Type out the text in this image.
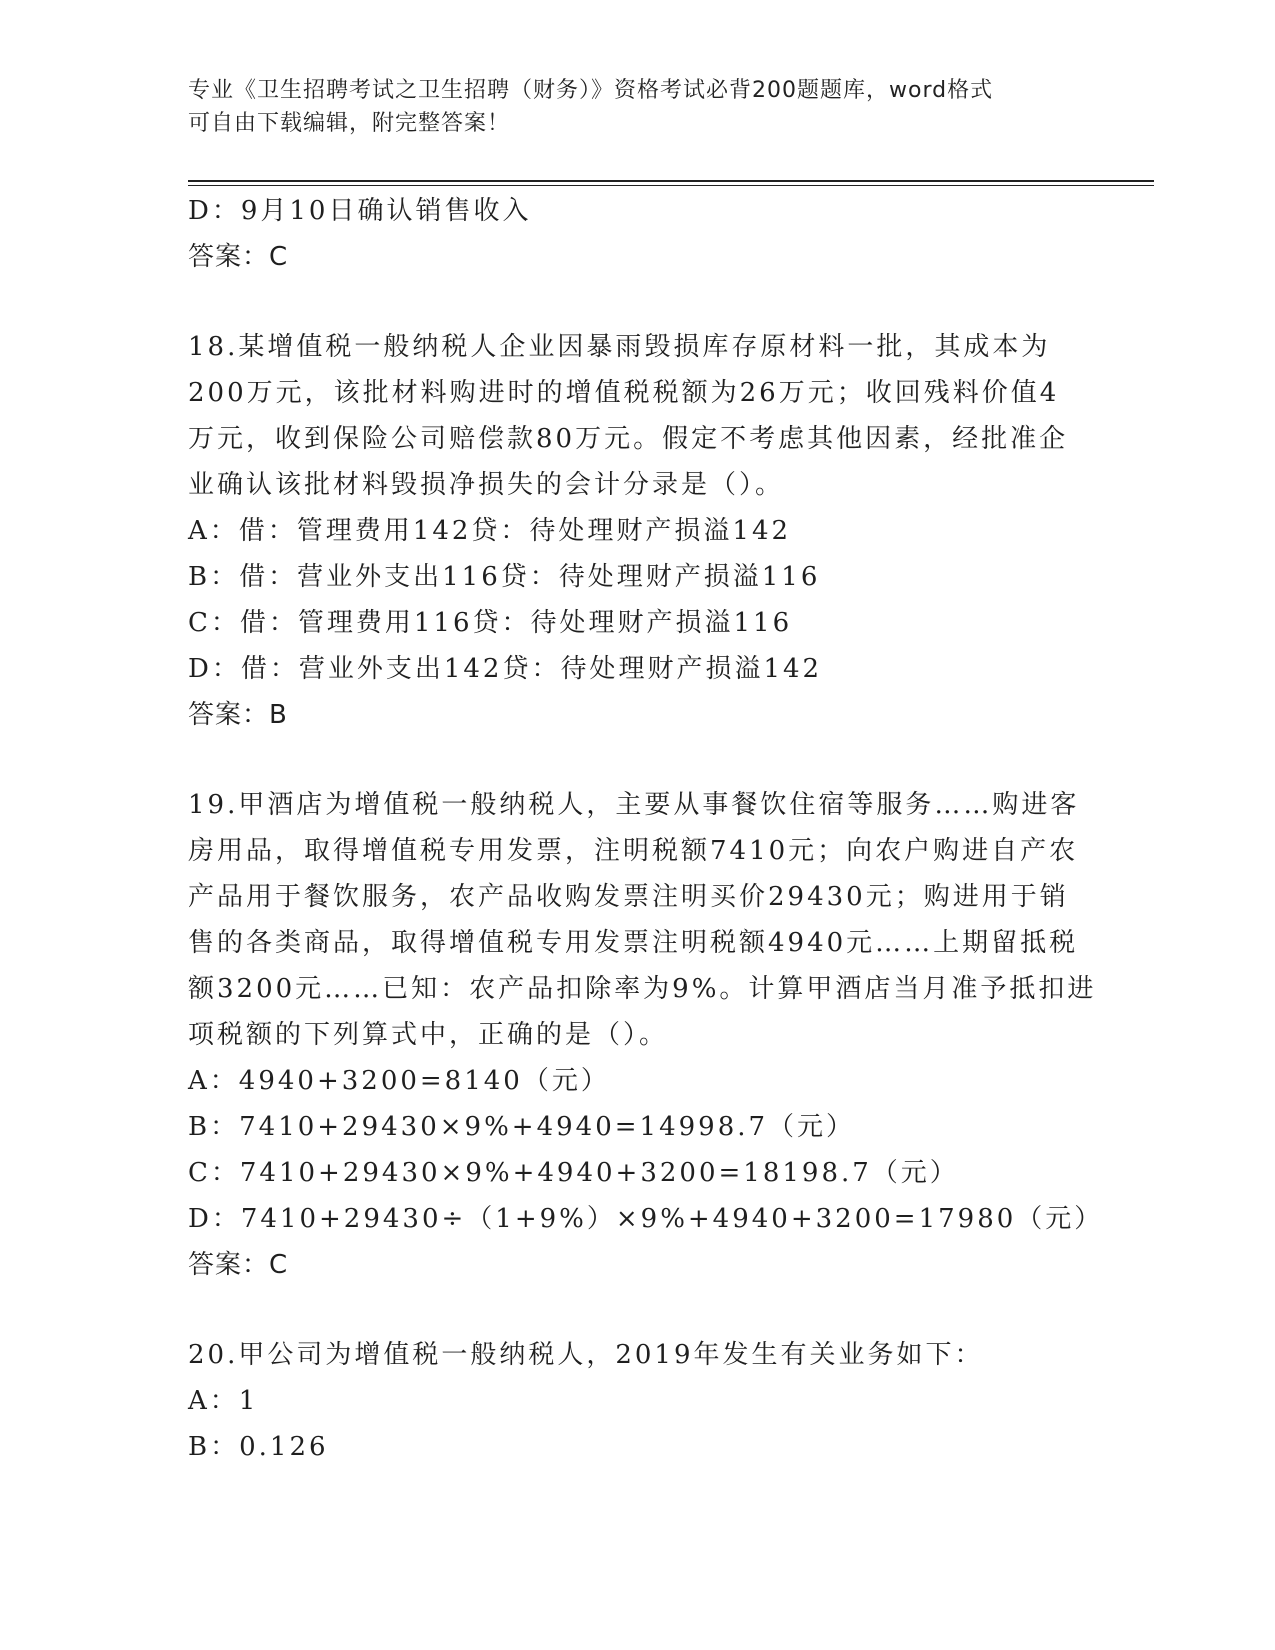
专业《卫生招聘考试之卫生招聘（财务）》资格考试必背200题题库，word格式
可自由下载编辑，附完整答案！
D：9月10日确认销售收入
答案：C
18.某增值税一般纳税人企业因暴雨毁损库存原材料一批，其成本为
200万元，该批材料购进时的增值税税额为26万元；收回残料价值4
万元，收到保险公司赔偿款80万元。假定不考虑其他因素，经批准企
业确认该批材料毁损净损失的会计分录是（）。
A：借：管理费用142贷：待处理财产损溢142
B：借：营业外支出116贷：待处理财产损溢116
C：借：管理费用116贷：待处理财产损溢116
D：借：营业外支出142贷：待处理财产损溢142
答案：B
19.甲酒店为增值税一般纳税人，主要从事餐饮住宿等服务……购进客
房用品，取得增值税专用发票，注明税额7410元；向农户购进自产农
产品用于餐饮服务，农产品收购发票注明买价29430元；购进用于销
售的各类商品，取得增值税专用发票注明税额4940元……上期留抵税
额3200元……已知：农产品扣除率为9%。计算甲酒店当月准予抵扣进
项税额的下列算式中，正确的是（）。
A：4940+3200=8140（元）
B：7410+29430×9%+4940=14998.7（元）
C：7410+29430×9%+4940+3200=18198.7（元）
D：7410+29430÷（1+9%）×9%+4940+3200=17980（元）
答案：C
20.甲公司为增值税一般纳税人，2019年发生有关业务如下：
A：1
B：0.126
